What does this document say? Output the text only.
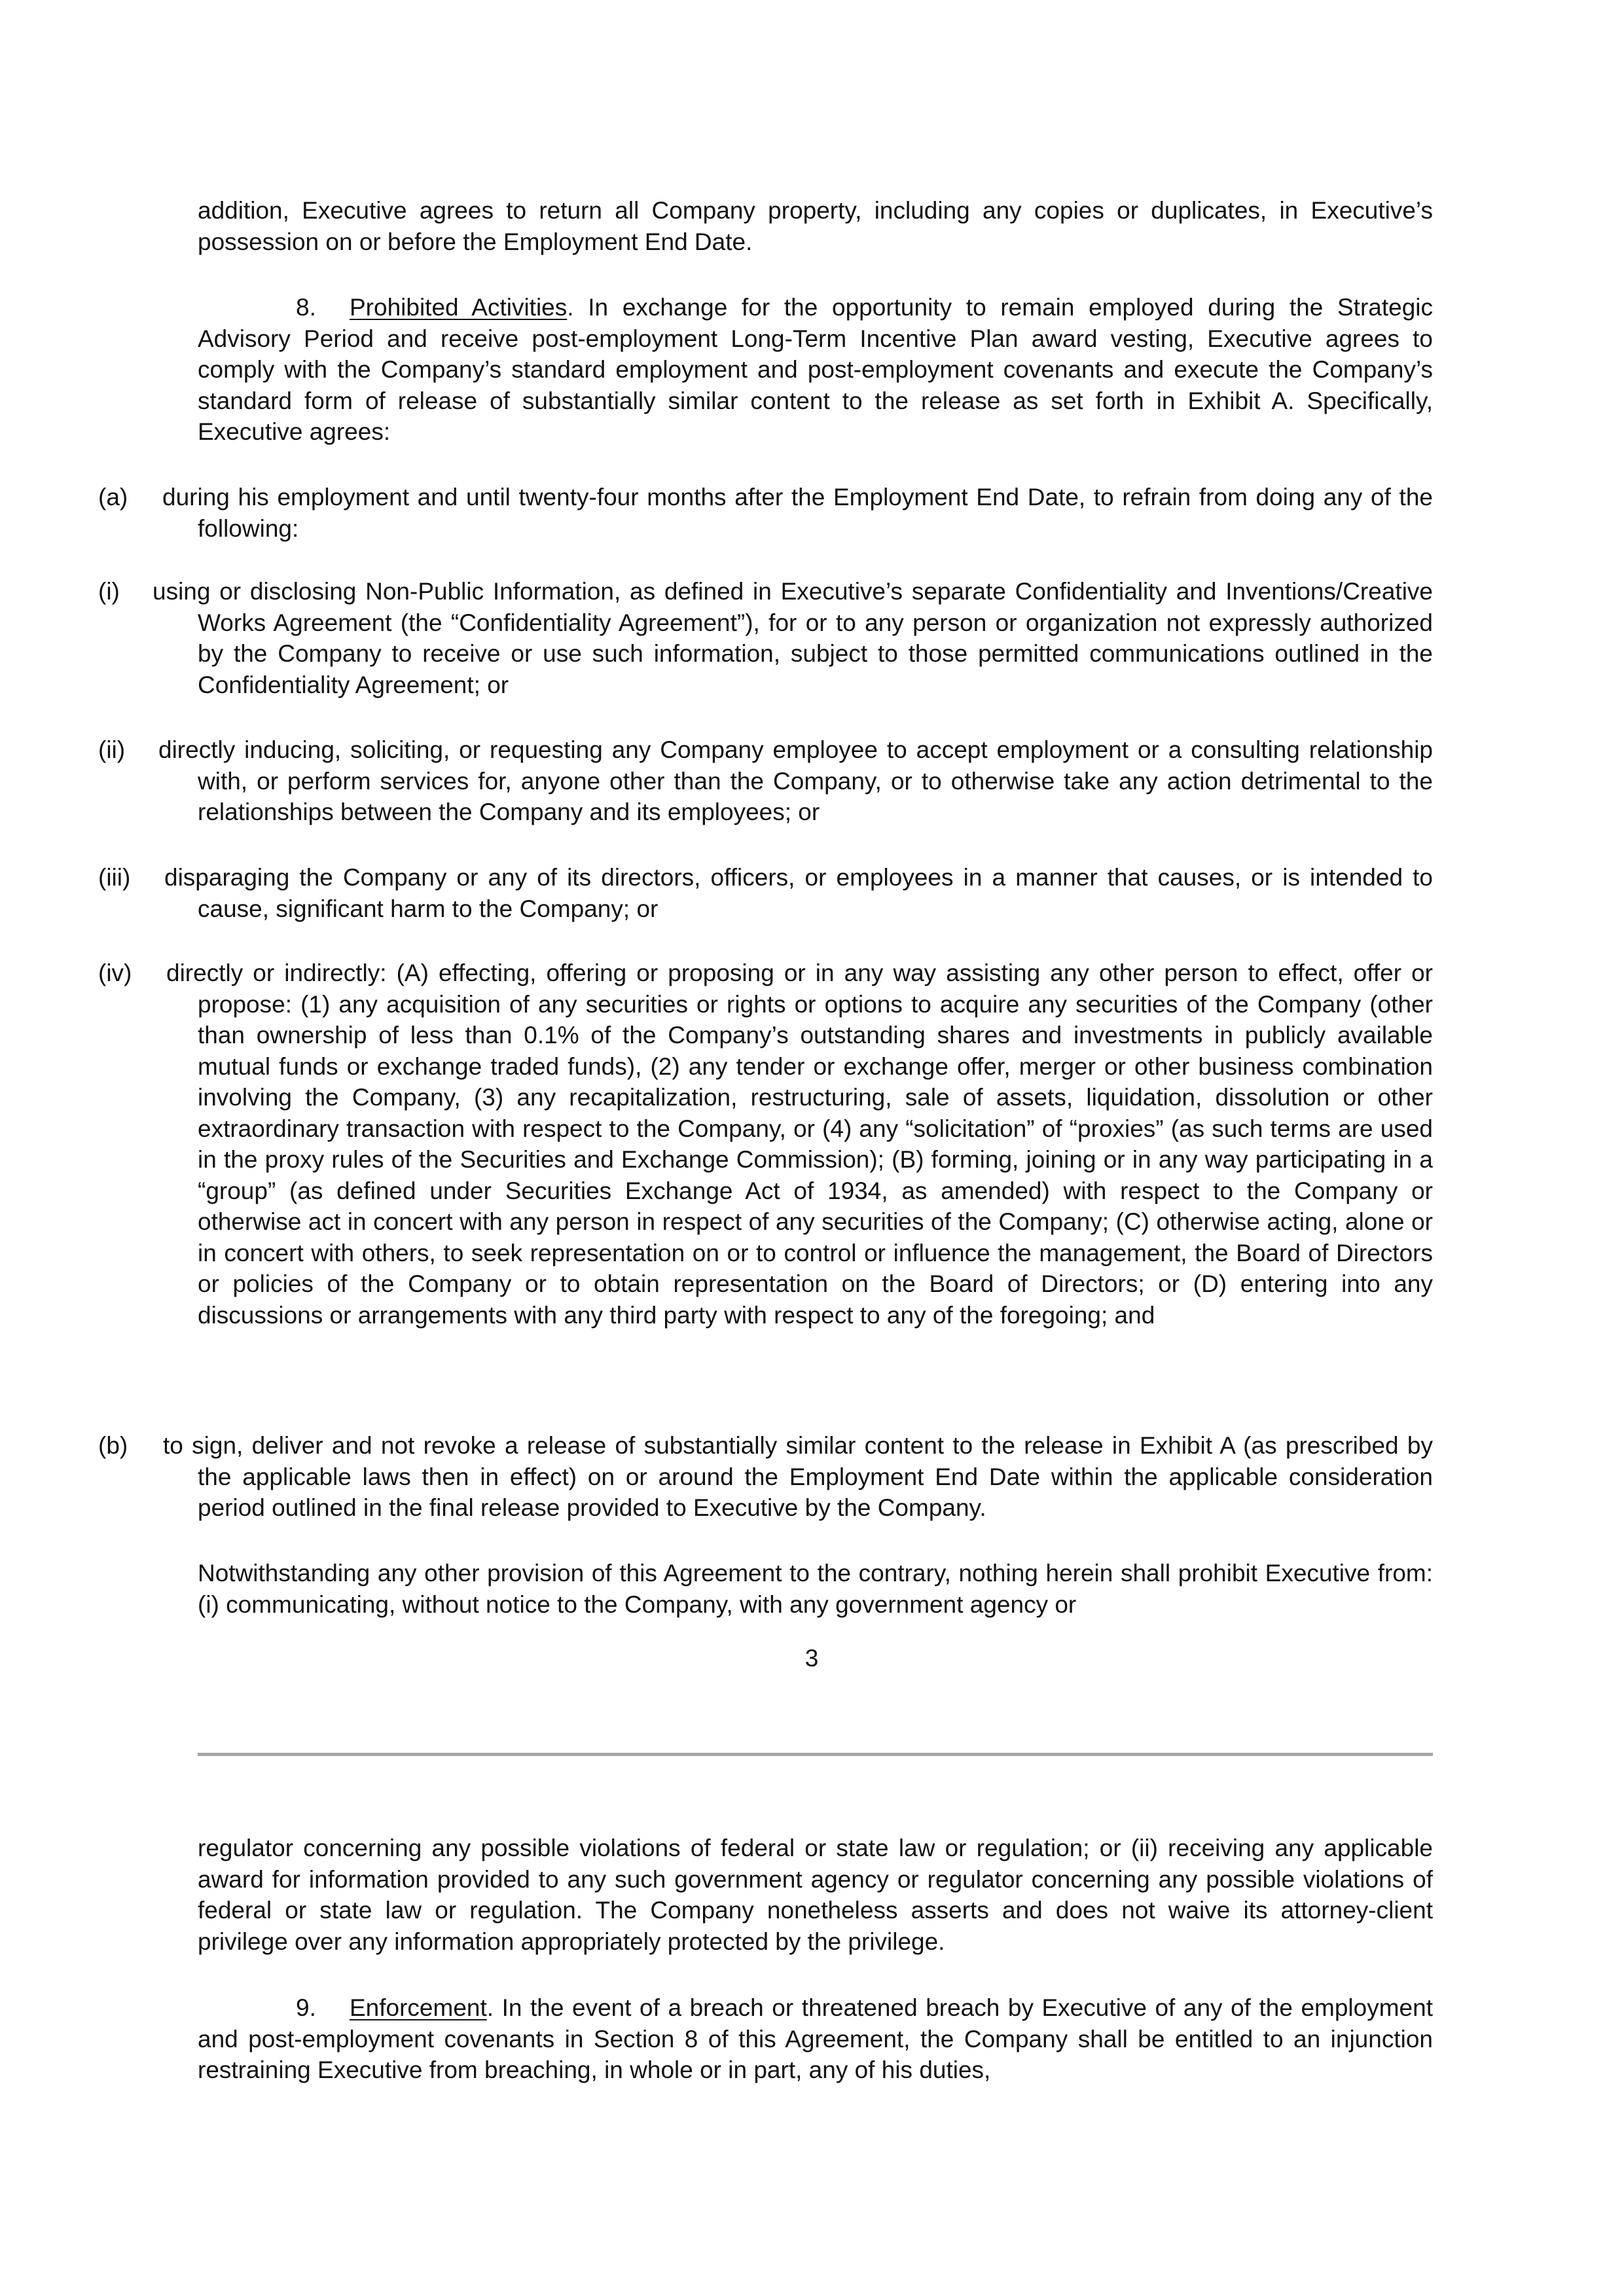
addition, Executive agrees to return all Company property, including any copies or duplicates, in Executive’s possession on or before the Employment End Date.

8. Prohibited Activities. In exchange for the opportunity to remain employed during the Strategic Advisory Period and receive post-employment Long-Term Incentive Plan award vesting, Executive agrees to comply with the Company’s standard employment and post-employment covenants and execute the Company’s standard form of release of substantially similar content to the release as set forth in Exhibit A. Specifically, Executive agrees:

(a) during his employment and until twenty-four months after the Employment End Date, to refrain from doing any of the following:

(i) using or disclosing Non-Public Information, as defined in Executive’s separate Confidentiality and Inventions/Creative Works Agreement (the “Confidentiality Agreement”), for or to any person or organization not expressly authorized by the Company to receive or use such information, subject to those permitted communications outlined in the Confidentiality Agreement; or

(ii) directly inducing, soliciting, or requesting any Company employee to accept employment or a consulting relationship with, or perform services for, anyone other than the Company, or to otherwise take any action detrimental to the relationships between the Company and its employees; or

(iii) disparaging the Company or any of its directors, officers, or employees in a manner that causes, or is intended to cause, significant harm to the Company; or

(iv) directly or indirectly: (A) effecting, offering or proposing or in any way assisting any other person to effect, offer or propose: (1) any acquisition of any securities or rights or options to acquire any securities of the Company (other than ownership of less than 0.1% of the Company’s outstanding shares and investments in publicly available mutual funds or exchange traded funds), (2) any tender or exchange offer, merger or other business combination involving the Company, (3) any recapitalization, restructuring, sale of assets, liquidation, dissolution or other extraordinary transaction with respect to the Company, or (4) any “solicitation” of “proxies” (as such terms are used in the proxy rules of the Securities and Exchange Commission); (B) forming, joining or in any way participating in a “group” (as defined under Securities Exchange Act of 1934, as amended) with respect to the Company or otherwise act in concert with any person in respect of any securities of the Company; (C) otherwise acting, alone or in concert with others, to seek representation on or to control or influence the management, the Board of Directors or policies of the Company or to obtain representation on the Board of Directors; or (D) entering into any discussions or arrangements with any third party with respect to any of the foregoing; and

(b) to sign, deliver and not revoke a release of substantially similar content to the release in Exhibit A (as prescribed by the applicable laws then in effect) on or around the Employment End Date within the applicable consideration period outlined in the final release provided to Executive by the Company.

Notwithstanding any other provision of this Agreement to the contrary, nothing herein shall prohibit Executive from: (i) communicating, without notice to the Company, with any government agency or

3

regulator concerning any possible violations of federal or state law or regulation; or (ii) receiving any applicable award for information provided to any such government agency or regulator concerning any possible violations of federal or state law or regulation. The Company nonetheless asserts and does not waive its attorney-client privilege over any information appropriately protected by the privilege.

9. Enforcement. In the event of a breach or threatened breach by Executive of any of the employment and post-employment covenants in Section 8 of this Agreement, the Company shall be entitled to an injunction restraining Executive from breaching, in whole or in part, any of his duties,
